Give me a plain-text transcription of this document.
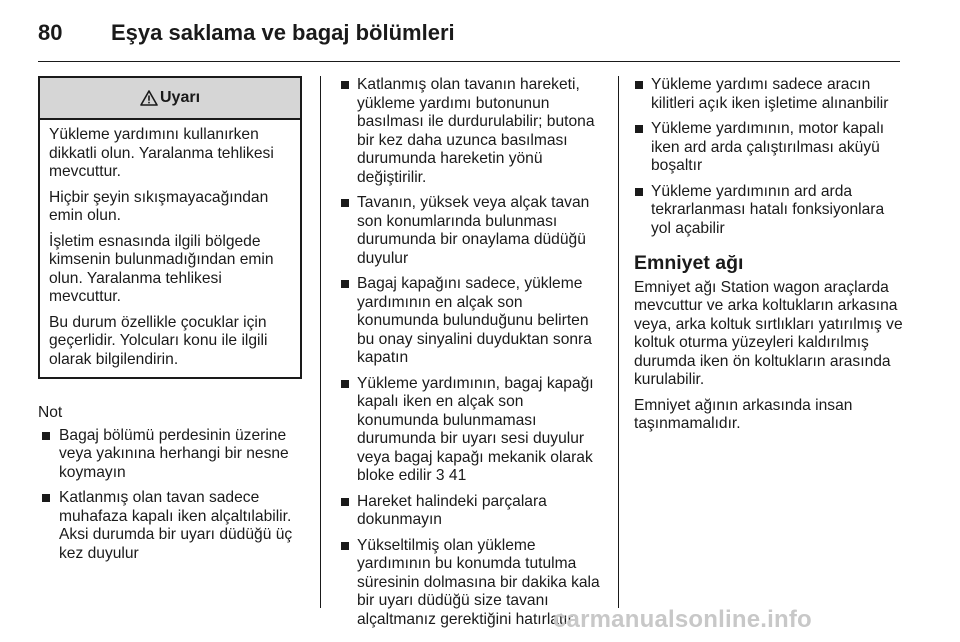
80 Eşya saklama ve bagaj bölümleri
Uyarı

Yükleme yardımını kullanırken dikkatli olun. Yaralanma tehlikesi mevcuttur.

Hiçbir şeyin sıkışmayacağından emin olun.

İşletim esnasında ilgili bölgede kimsenin bulunmadığından emin olun. Yaralanma tehlikesi mevcuttur.

Bu durum özellikle çocuklar için geçerlidir. Yolcuları konu ile ilgili olarak bilgilendirin.

Not
Bagaj bölümü perdesinin üzerine veya yakınına herhangi bir nesne koymayın
Katlanmış olan tavan sadece muhafaza kapalı iken alçaltılabilir. Aksi durumda bir uyarı düdüğü üç kez duyulur
Katlanmış olan tavanın hareketi, yükleme yardımı butonunun basılması ile durdurulabilir; butona bir kez daha uzunca basılması durumunda hareketin yönü değiştirilir.
Tavanın, yüksek veya alçak tavan son konumlarında bulunması durumunda bir onaylama düdüğü duyulur
Bagaj kapağını sadece, yükleme yardımının en alçak son konumunda bulunduğunu belirten bu onay sinyalini duyduktan sonra kapatın
Yükleme yardımının, bagaj kapağı kapalı iken en alçak son konumunda bulunmaması durumunda bir uyarı sesi duyulur veya bagaj kapağı mekanik olarak bloke edilir 3 41
Hareket halindeki parçalara dokunmayın
Yükseltilmiş olan yükleme yardımının bu konumda tutulma süresinin dolmasına bir dakika kala bir uyarı düdüğü size tavanı alçaltmanız gerektiğini hatırlatır
Yükleme yardımı sadece aracın kilitleri açık iken işletime alınanbilir
Yükleme yardımının, motor kapalı iken ard arda çalıştırılması aküyü boşaltır
Yükleme yardımının ard arda tekrarlanması hatalı fonksiyonlara yol açabilir
Emniyet ağı

Emniyet ağı Station wagon araçlarda mevcuttur ve arka koltukların arkasına veya, arka koltuk sırtlıkları yatırılmış ve koltuk oturma yüzeyleri kaldırılmış durumda iken ön koltukların arasında kurulabilir.

Emniyet ağının arkasında insan taşınmamalıdır.

carmanualsonline.info
